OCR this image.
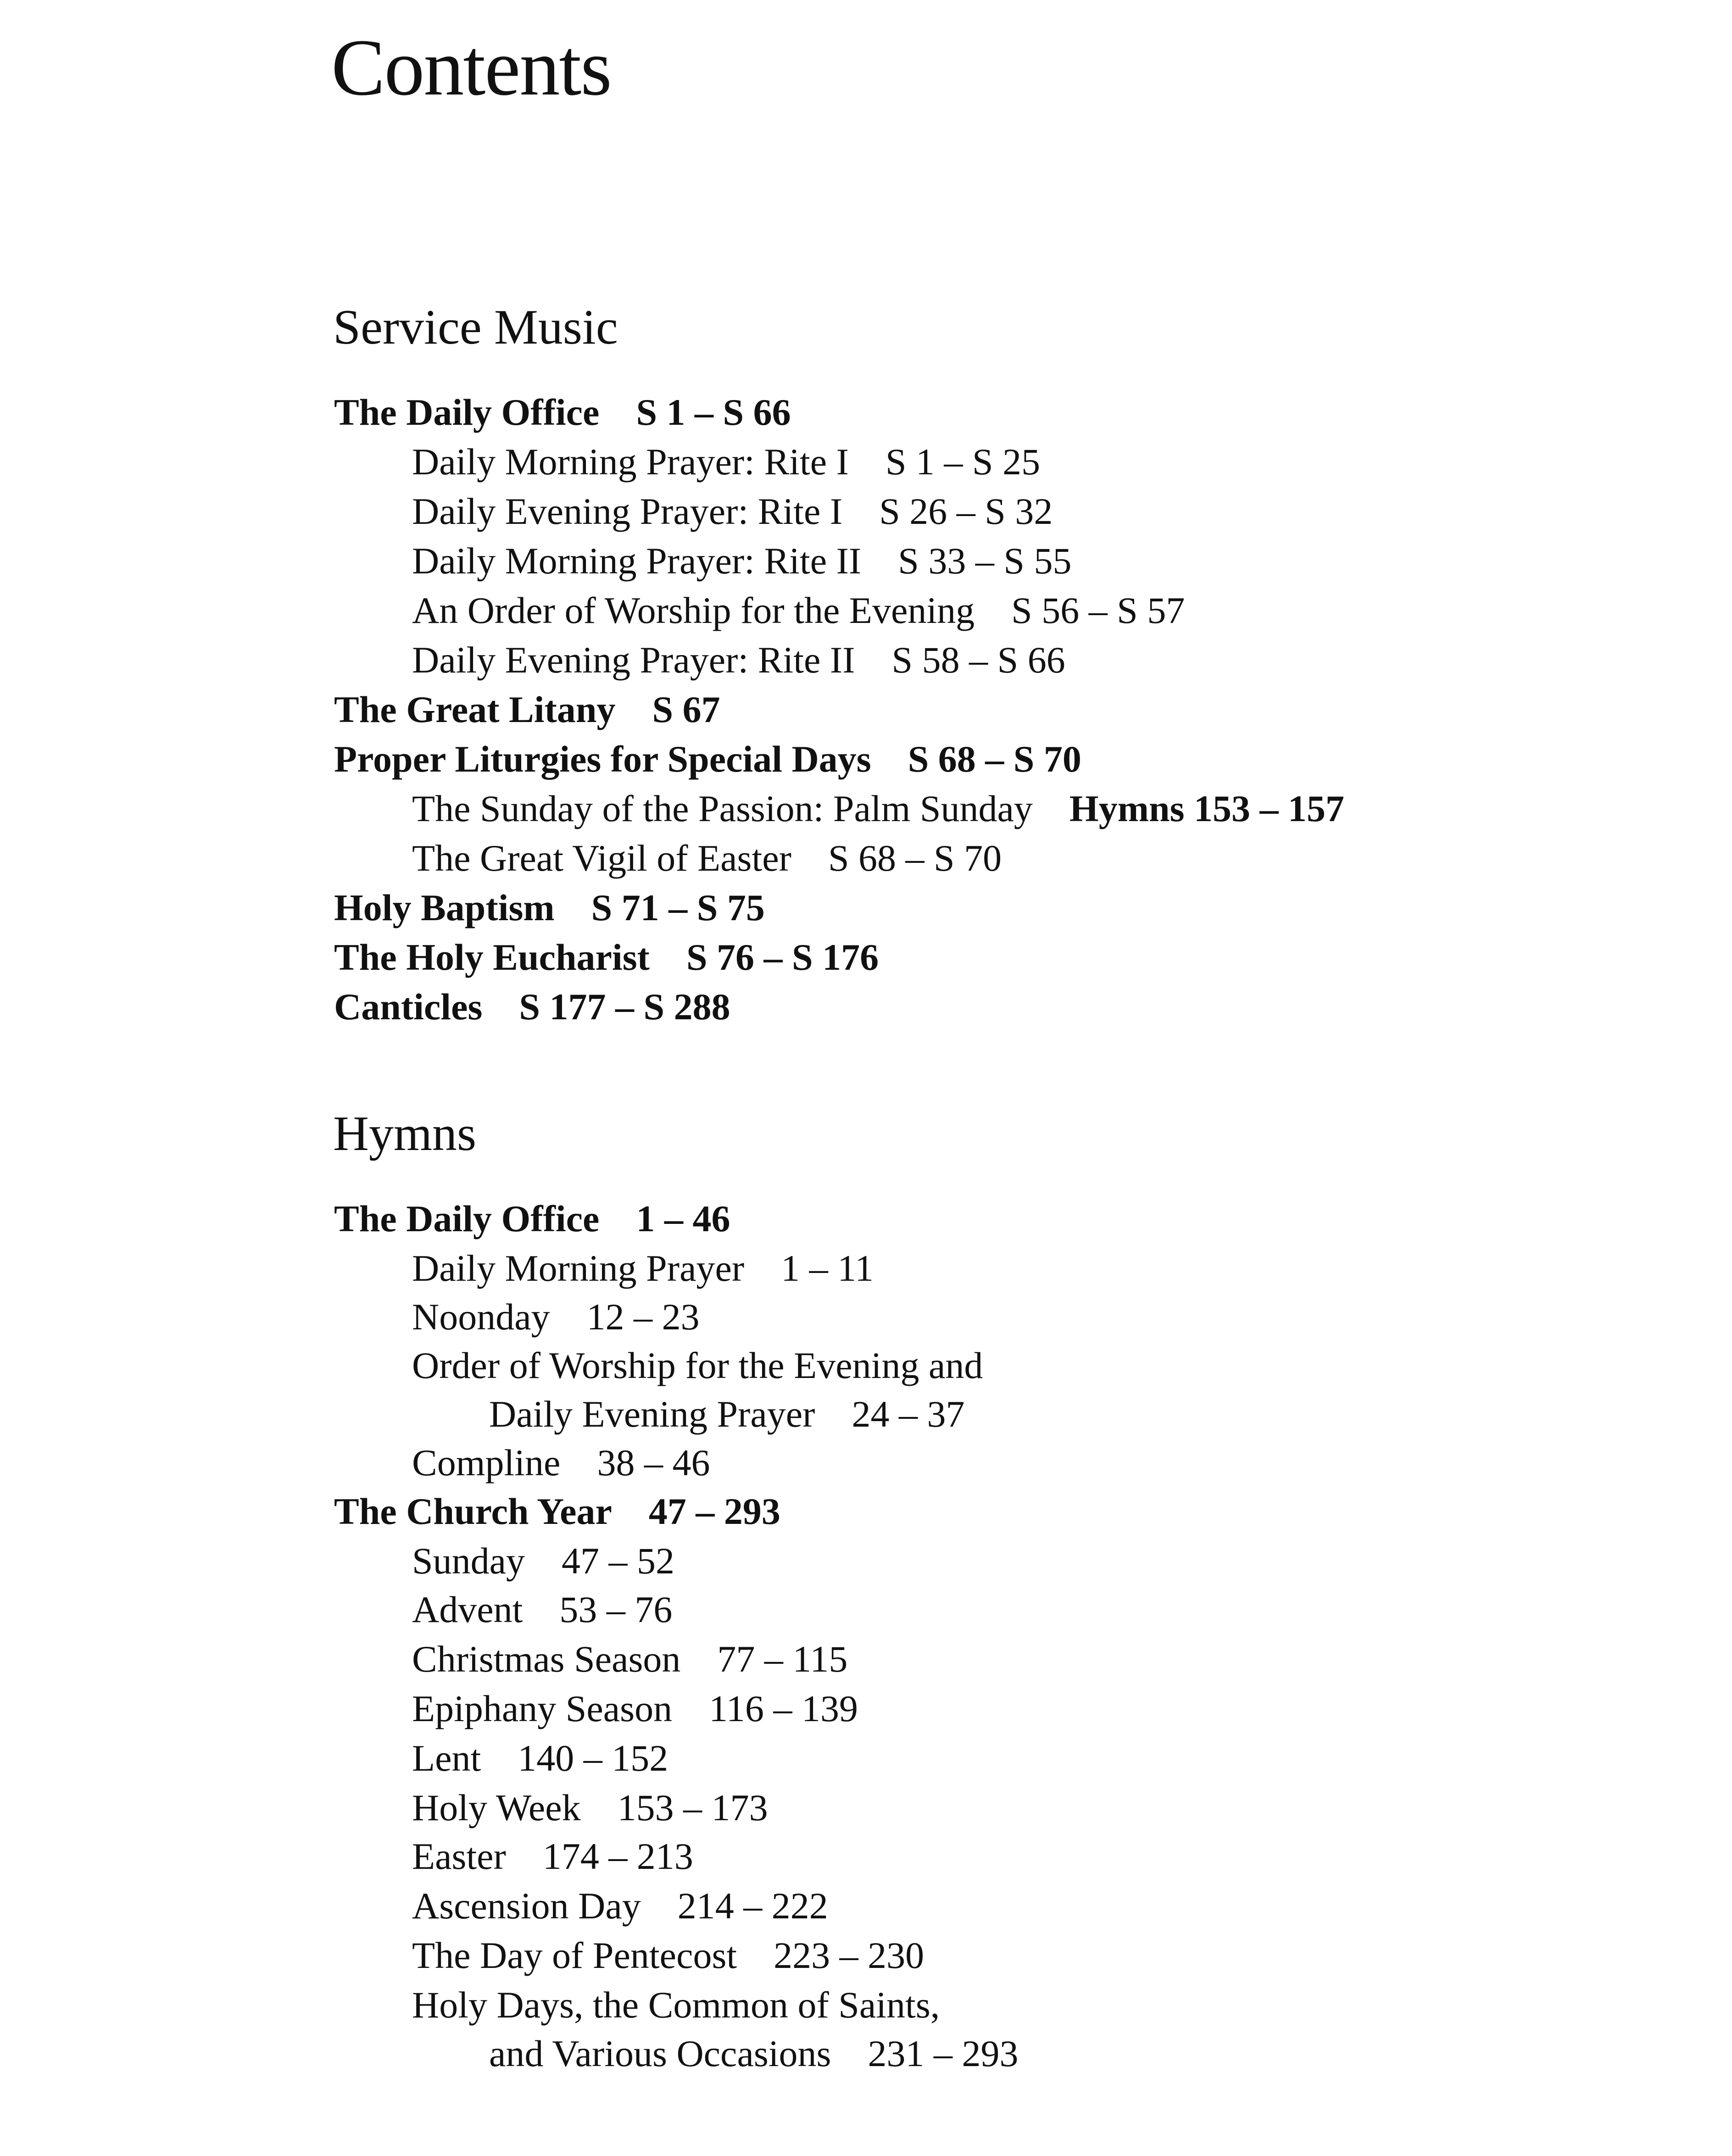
Contents
Service Music
The Daily Office S 1 – S 66
Daily Morning Prayer: Rite I S 1 – S 25
Daily Evening Prayer: Rite I S 26 – S 32
Daily Morning Prayer: Rite II S 33 – S 55
An Order of Worship for the Evening S 56 – S 57
Daily Evening Prayer: Rite II S 58 – S 66
The Great Litany S 67
Proper Liturgies for Special Days S 68 – S 70
The Sunday of the Passion: Palm Sunday Hymns 153 – 157
The Great Vigil of Easter S 68 – S 70
Holy Baptism S 71 – S 75
The Holy Eucharist S 76 – S 176
Canticles S 177 – S 288
Hymns
The Daily Office 1 – 46
Daily Morning Prayer 1 – 11
Noonday 12 – 23
Order of Worship for the Evening and
Daily Evening Prayer 24 – 37
Compline 38 – 46
The Church Year 47 – 293
Sunday 47 – 52
Advent 53 – 76
Christmas Season 77 – 115
Epiphany Season 116 – 139
Lent 140 – 152
Holy Week 153 – 173
Easter 174 – 213
Ascension Day 214 – 222
The Day of Pentecost 223 – 230
Holy Days, the Common of Saints,
and Various Occasions 231 – 293
